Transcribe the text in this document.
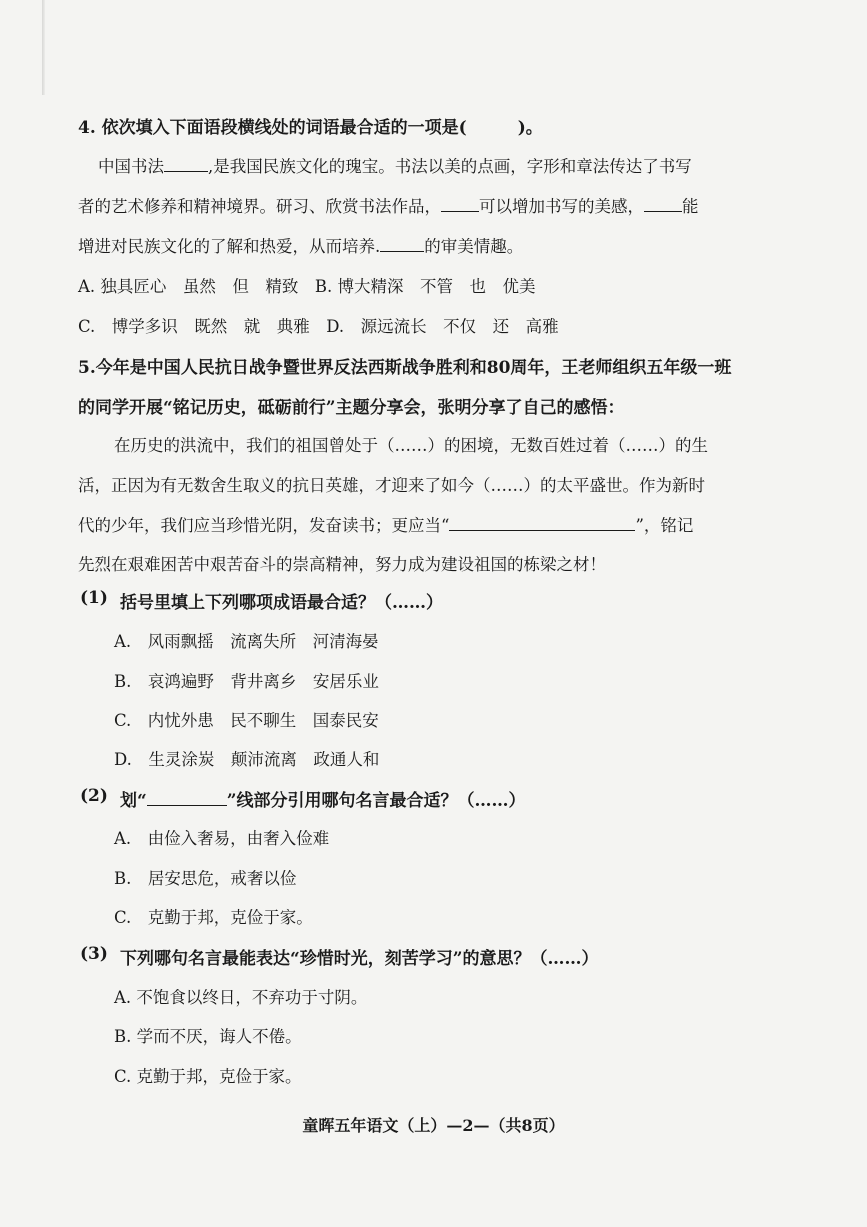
4. 依次填入下面语段横线处的词语最合适的一项是(　　　)。
中国书法	,是我国民族文化的瑰宝。书法以美的点画，字形和章法传达了书写
者的艺术修养和精神境界。研习、欣赏书法作品， 可以增加书写的美感， 能
增进对民族文化的了解和热爱，从而培养.	的审美情趣。
A. 独具匠心　虽然　但　精致　B. 博大精深　不管　也　优美
C.　博学多识　既然　就　典雅　D.　源远流长　不仅　还　高雅
5.今年是中国人民抗日战争暨世界反法西斯战争胜利和80周年，王老师组织五年级一班
的同学开展“铭记历史，砥砺前行”主题分享会，张明分享了自己的感悟：
在历史的洪流中，我们的祖国曾处于（……）的困境，无数百姓过着（……）的生
活，正因为有无数舍生取义的抗日英雄，才迎来了如今（……）的太平盛世。作为新时
代的少年，我们应当珍惜光阴，发奋读书；更应当“	”，铭记
先烈在艰难困苦中艰苦奋斗的崇高精神，努力成为建设祖国的栋梁之材！
(1) 括号里填上下列哪项成语最合适？（……）
A.　风雨飘摇　流离失所　河清海晏
B.　哀鸿遍野　背井离乡　安居乐业
C.　内忧外患　民不聊生　国泰民安
D.　生灵涂炭　颠沛流离　政通人和
(2) 划“	”线部分引用哪句名言最合适？（……）
A.　由俭入奢易，由奢入俭难
B.　居安思危，戒奢以俭
C.　克勤于邦，克俭于家。
(3) 下列哪句名言最能表达“珍惜时光，刻苦学习”的意思？（……）
A. 不饱食以终日，不弃功于寸阴。
B. 学而不厌，诲人不倦。
C. 克勤于邦，克俭于家。
童晖五年语文（上）—2—（共8页）
